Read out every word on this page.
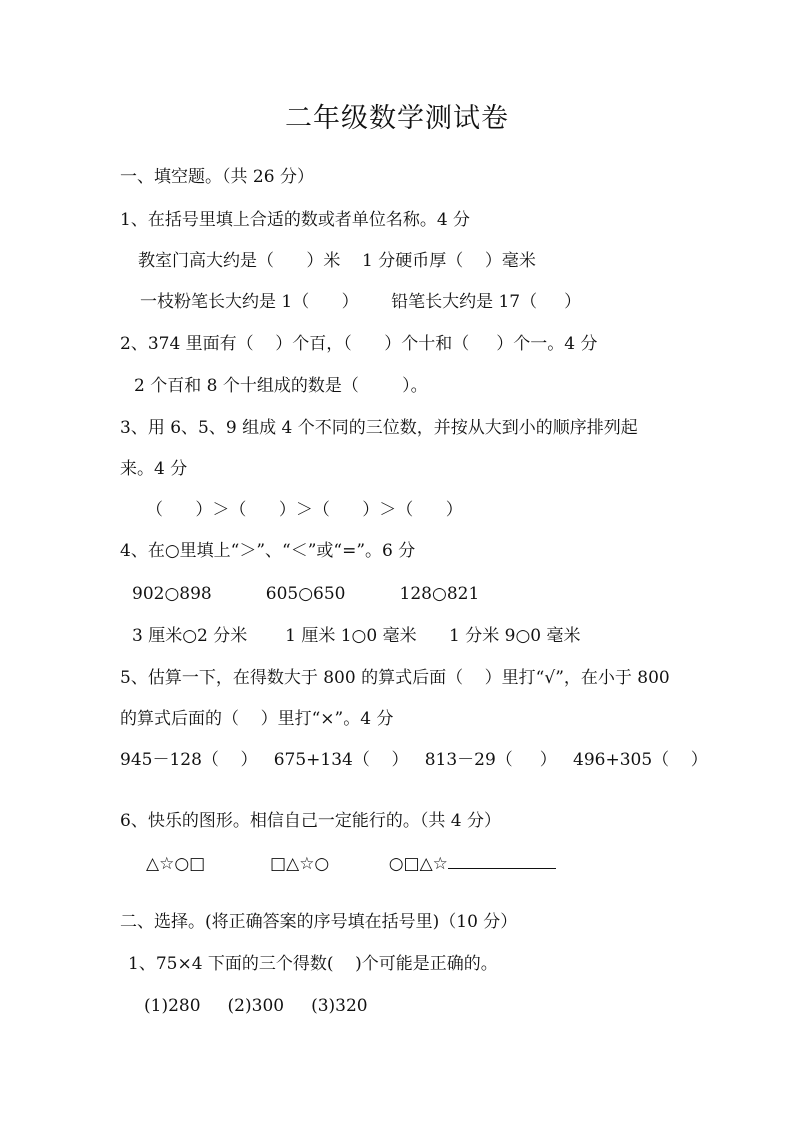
二年级数学测试卷
一、填空题。（共 26 分）
1、在括号里填上合适的数或者单位名称。4 分
教室门高大约是（      ）米    1 分硬币厚（    ）毫米
一枝粉笔长大约是 1（      ）      铅笔长大约是 17（     ）
2、374 里面有（    ）个百，（      ）个十和（     ）个一。4 分
2 个百和 8 个十组成的数是（        ）。
3、用 6、5、9 组成 4 个不同的三位数，并按从大到小的顺序排列起
来。4 分
（      ）＞（      ）＞（      ）＞（      ）
4、在○里填上“＞”、“＜”或“=”。6 分
902○898          605○650          128○821
3 厘米○2 分米       1 厘米 1○0 毫米      1 分米 9○0 毫米
5、估算一下，在得数大于 800 的算式后面（    ）里打“√”，在小于 800
的算式后面的（    ）里打“×”。4 分
945－128（    ）   675+134（    ）   813－29（     ）   496+305（    ）
6、快乐的图形。相信自己一定能行的。（共 4 分）
△☆○□            □△☆○           ○□△☆
二、选择。(将正确答案的序号填在括号里)（10 分）
1、75×4 下面的三个得数(    )个可能是正确的。
(1)280     (2)300     (3)320
